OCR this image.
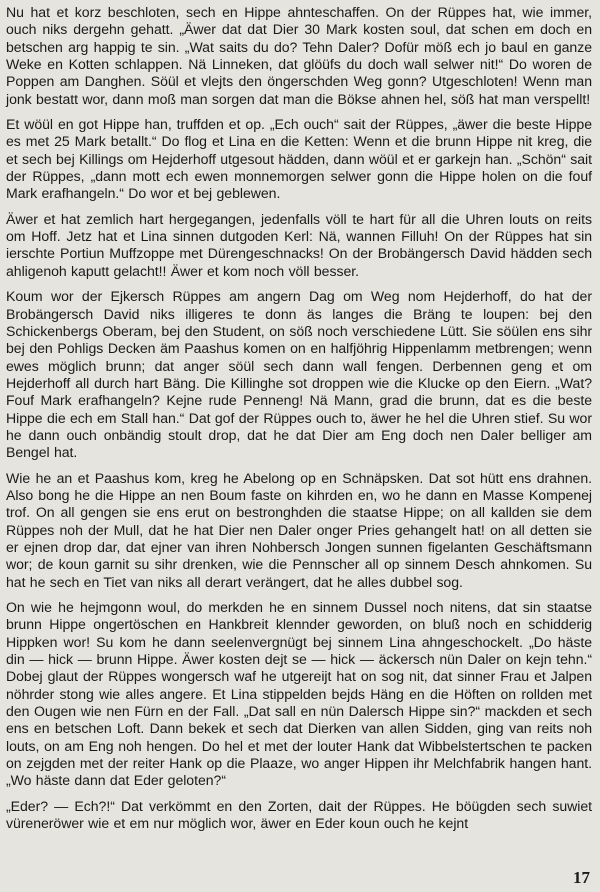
Nu hat et korz beschloten, sech en Hippe ahnteschaffen. On der Rüppes hat, wie immer, ouch niks dergehn gehatt. „Äwer dat dat Dier 30 Mark kosten soul, dat schen em doch en betschen arg happig te sin. „Wat saits du do? Tehn Daler? Dofür möß ech jo baul en ganze Weke en Kotten schlappen. Nä Linneken, dat glöüfs du doch wall selwer nit!“ Do woren de Poppen am Danghen. Söül et vlejts den öngerschden Weg gonn? Utgeschloten! Wenn man jonk bestatt wor, dann moß man sorgen dat man die Bökse ahnen hel, söß hat man verspellt!

Et wöül en got Hippe han, truffden et op. „Ech ouch“ sait der Rüppes, „äwer die beste Hippe es met 25 Mark betallt.“ Do flog et Lina en die Ketten: Wenn et die brunn Hippe nit kreg, die et sech bej Killings om Hejderhoff utgesout hädden, dann wöül et er garkejn han. „Schön“ sait der Rüppes, „dann mott ech ewen monnemorgen selwer gonn die Hippe holen on die fouf Mark erafhangeln.“ Do wor et bej geblewen.

Äwer et hat zemlich hart hergegangen, jedenfalls völl te hart für all die Uhren louts on reits om Hoff. Jetz hat et Lina sinnen dutgoden Kerl: Nä, wannen Filluh! On der Rüppes hat sin ierschte Portiun Muffzoppe met Dürengeschnacks! On der Brobängersch David hädden sech ahligenoh kaputt gelacht!! Äwer et kom noch völl besser.

Koum wor der Ejkersch Rüppes am angern Dag om Weg nom Hejderhoff, do hat der Brobängersch David niks illigeres te donn äs langes die Bräng te loupen: bej den Schickenbergs Oberam, bej den Student, on söß noch verschiedene Lütt. Sie söülen ens sihr bej den Pohligs Decken äm Paashus komen on en halfjöhrig Hippenlamm metbrengen; wenn ewes möglich brunn; dat anger söül sech dann wall fengen. Derbennen geng et om Hejderhoff all durch hart Bäng. Die Killinghe sot droppen wie die Klucke op den Eiern. „Wat? Fouf Mark erafhangeln? Kejne rude Penneng! Nä Mann, grad die brunn, dat es die beste Hippe die ech em Stall han.“ Dat gof der Rüppes ouch to, äwer he hel die Uhren stief. Su wor he dann ouch onbändig stoult drop, dat he dat Dier am Eng doch nen Daler belliger am Bengel hat.

Wie he an et Paashus kom, kreg he Abelong op en Schnäpsken. Dat sot hütt ens drahnen. Also bong he die Hippe an nen Boum faste on kihrden en, wo he dann en Masse Kompenej trof. On all gengen sie ens erut on bestronghden die staatse Hippe; on all kallden sie dem Rüppes noh der Mull, dat he hat Dier nen Daler onger Pries gehangelt hat! on all detten sie er ejnen drop dar, dat ejner van ihren Nohbersch Jongen sunnen figelanten Geschäftsmann wor; de koun garnit su sihr drenken, wie die Pennscher all op sinnem Desch ahnkomen. Su hat he sech en Tiet van niks all derart verängert, dat he alles dubbel sog.

On wie he hejmgonn woul, do merkden he en sinnem Dussel noch nitens, dat sin staatse brunn Hippe ongertöschen en Hankbreit klennder geworden, on bluß noch en schidderig Hippken wor! Su kom he dann seelenvergnügt bej sinnem Lina ahngeschockelt. „Do häste din — hick — brunn Hippe. Äwer kosten dejt se — hick — äckersch nün Daler on kejn tehn.“ Dobej glaut der Rüppes wongersch waf he utgereijt hat on sog nit, dat sinner Frau et Jalpen nöhrder stong wie alles angere. Et Lina stippelden bejds Häng en die Höften on rollden met den Ougen wie nen Fürn en der Fall. „Dat sall en nün Dalersch Hippe sin?“ mackden et sech ens en betschen Loft. Dann bekek et sech dat Dierken van allen Sidden, ging van reits noh louts, on am Eng noh hengen. Do hel et met der louter Hank dat Wibbelstertschen te packen on zejgden met der reiter Hank op die Plaaze, wo anger Hippen ihr Melchfabrik hangen hant. „Wo häste dann dat Eder geloten?“

„Eder? — Ech?!“ Dat verkömmt en den Zorten, dait der Rüppes. He böügden sech suwiet vüreneröwer wie et em nur möglich wor, äwer en Eder koun ouch he kejnt

17
